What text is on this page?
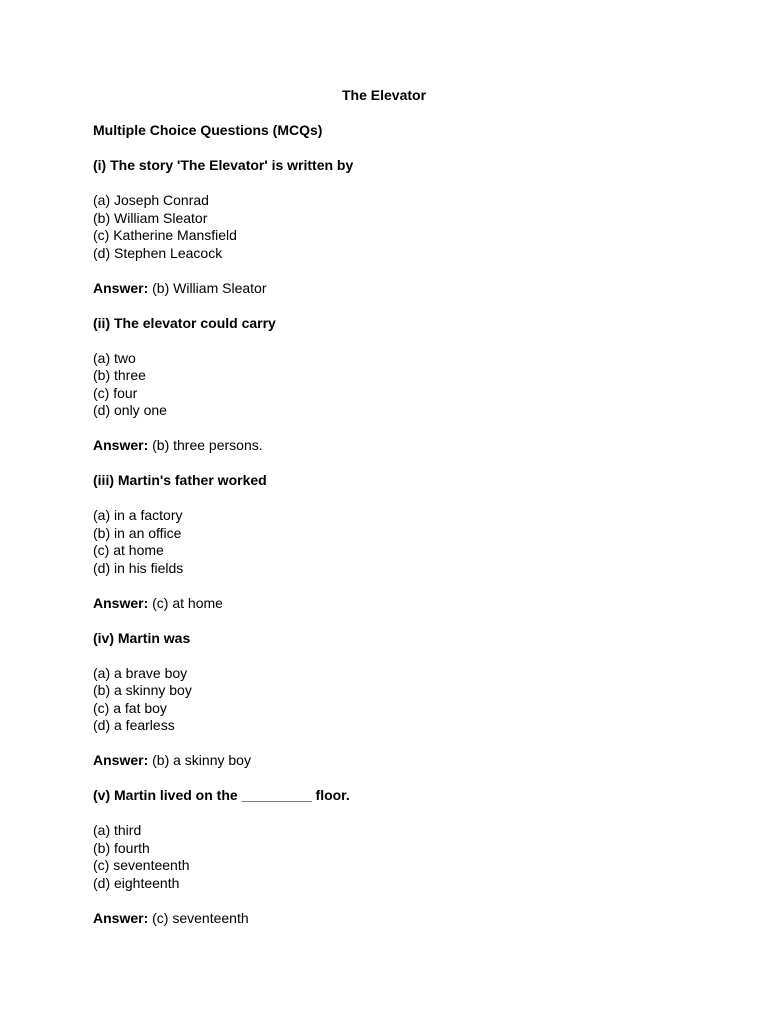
The Elevator
Multiple Choice Questions (MCQs)
(i) The story 'The Elevator' is written by
(a) Joseph Conrad
(b) William Sleator
(c) Katherine Mansfield
(d) Stephen Leacock
Answer: (b) William Sleator
(ii) The elevator could carry
(a) two
(b) three
(c) four
(d) only one
Answer: (b) three persons.
(iii) Martin's father worked
(a) in a factory
(b) in an office
(c) at home
(d) in his fields
Answer: (c) at home
(iv) Martin was
(a) a brave boy
(b) a skinny boy
(c) a fat boy
(d) a fearless
Answer: (b) a skinny boy
(v) Martin lived on the _________ floor.
(a) third
(b) fourth
(c) seventeenth
(d) eighteenth
Answer: (c) seventeenth
